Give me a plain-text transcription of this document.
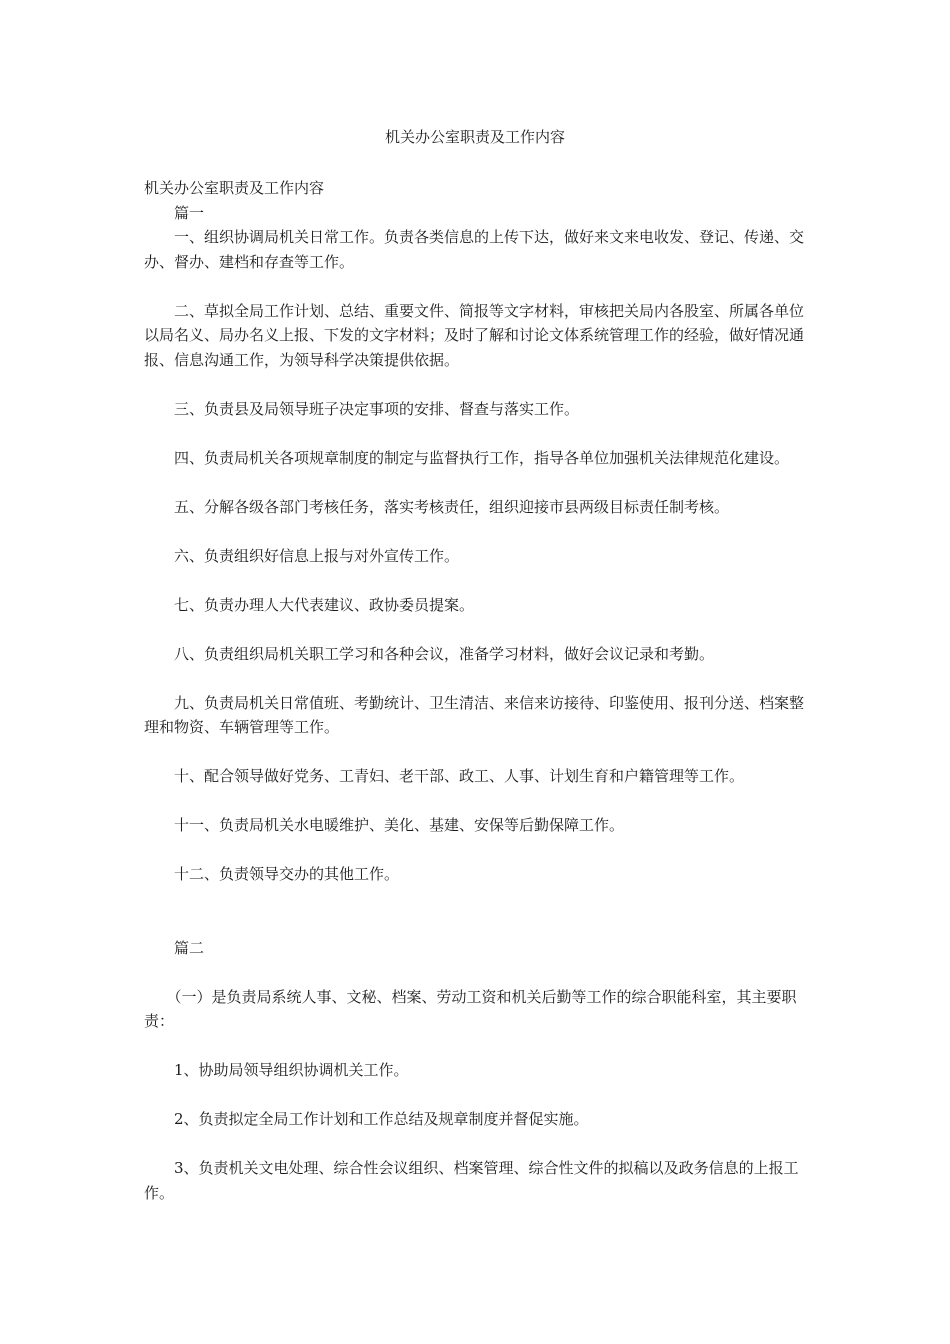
机关办公室职责及工作内容

机关办公室职责及工作内容

　　篇一

　　一、组织协调局机关日常工作。负责各类信息的上传下达，做好来文来电收发、登记、传递、交办、督办、建档和存查等工作。

　　二、草拟全局工作计划、总结、重要文件、简报等文字材料，审核把关局内各股室、所属各单位以局名义、局办名义上报、下发的文字材料；及时了解和讨论文体系统管理工作的经验，做好情况通报、信息沟通工作，为领导科学决策提供依据。

　　三、负责县及局领导班子决定事项的安排、督查与落实工作。

　　四、负责局机关各项规章制度的制定与监督执行工作，指导各单位加强机关法律规范化建设。

　　五、分解各级各部门考核任务，落实考核责任，组织迎接市县两级目标责任制考核。

　　六、负责组织好信息上报与对外宣传工作。

　　七、负责办理人大代表建议、政协委员提案。

　　八、负责组织局机关职工学习和各种会议，准备学习材料，做好会议记录和考勤。

　　九、负责局机关日常值班、考勤统计、卫生清洁、来信来访接待、印鉴使用、报刊分送、档案整理和物资、车辆管理等工作。

　　十、配合领导做好党务、工青妇、老干部、政工、人事、计划生育和户籍管理等工作。

　　十一、负责局机关水电暖维护、美化、基建、安保等后勤保障工作。

　　十二、负责领导交办的其他工作。

　　篇二

　　（一）是负责局系统人事、文秘、档案、劳动工资和机关后勤等工作的综合职能科室，其主要职责：

　　1、协助局领导组织协调机关工作。

　　2、负责拟定全局工作计划和工作总结及规章制度并督促实施。

　　3、负责机关文电处理、综合性会议组织、档案管理、综合性文件的拟稿以及政务信息的上报工作。
